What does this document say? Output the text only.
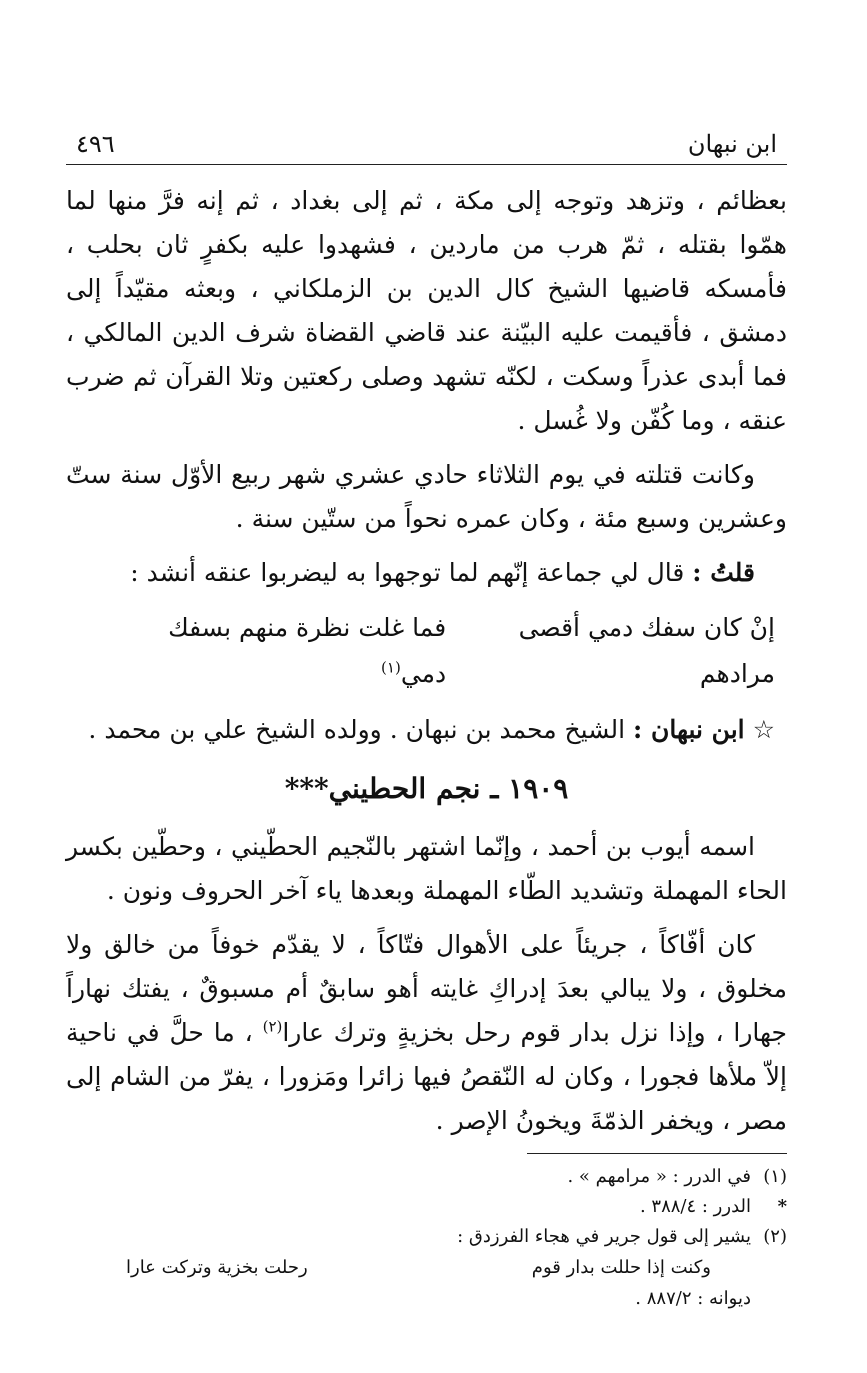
ابن نبهان
٤٩٦

بعظائم ، وتزهد وتوجه إلى مكة ، ثم إلى بغداد ، ثم إنه فرَّ منها لما همّوا بقتله ، ثمّ هرب من ماردين ، فشهدوا عليه بكفرٍ ثان بحلب ، فأمسكه قاضيها الشيخ كال الدين بن الزملكاني ، وبعثه مقيّداً إلى دمشق ، فأقيمت عليه البيّنة عند قاضي القضاة شرف الدين المالكي ، فما أبدى عذراً وسكت ، لكنّه تشهد وصلى ركعتين وتلا القرآن ثم ضرب عنقه ، وما كُفّن ولا غُسل .

وكانت قتلته في يوم الثلاثاء حادي عشري شهر ربيع الأوّل سنة ستّ وعشرين وسبع مئة ، وكان عمره نحواً من ستّين سنة .

قلتُ : قال لي جماعة إنّهم لما توجهوا به ليضربوا عنقه أنشد :

إنْ كان سفك دمي أقصى مرادهم
فما غلت نظرة منهم بسفك دمي$^{(١)}$
☆ ابن نبهان : الشيخ محمد بن نبهان . وولده الشيخ علي بن محمد .
١٩٠٩ ـ نجم الحطيني***

اسمه أيوب بن أحمد ، وإنّما اشتهر بالنّجيم الحطّيني ، وحطّين بكسر الحاء المهملة وتشديد الطّاء المهملة وبعدها ياء آخر الحروف ونون .

كان أفّاكاً ، جريئاً على الأهوال فتّاكاً ، لا يقدّم خوفاً من خالق ولا مخلوق ، ولا يبالي بعدَ إدراكِ غايته أهو سابقٌ أم مسبوقٌ ، يفتك نهاراً جهارا ، وإذا نزل بدار قوم رحل بخزيةٍ وترك عارا$^{(٢)}$ ، ما حلَّ في ناحية إلاّ ملأها فجورا ، وكان له النّقصُ فيها زائرا ومَزورا ، يفرّ من الشام إلى مصر ، ويخفر الذمّةَ ويخونُ الإصر .

(١)
في الدرر : « مرامهم » .
*
الدرر : ٣٨٨/٤ .
(٢)
يشير إلى قول جرير في هجاء الفرزدق :
وكنت إذا حللت بدار قوم
رحلت بخزية وتركت عارا
ديوانه : ٨٨٧/٢ .
